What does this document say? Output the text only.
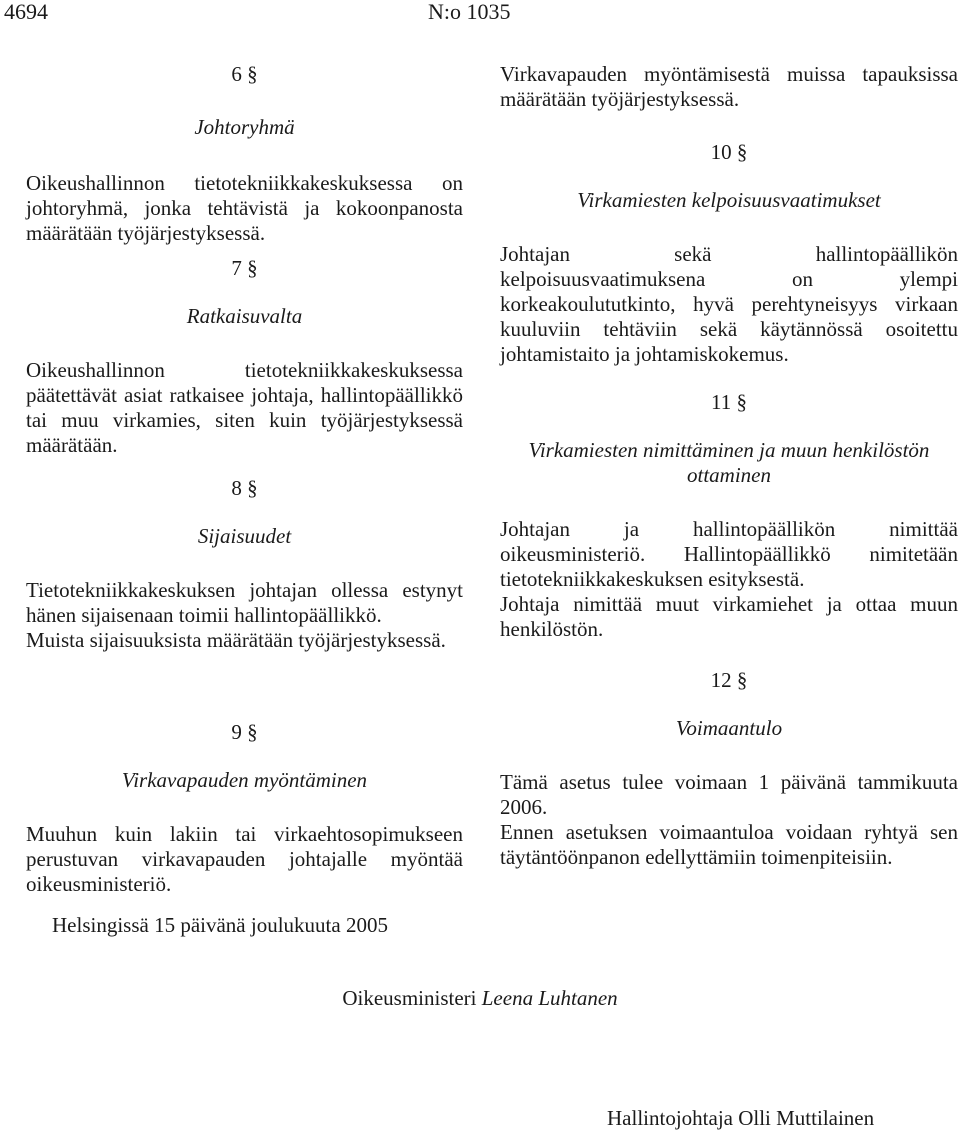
4694	N:o 1035
6 §
Johtoryhmä
Oikeushallinnon tietotekniikkakeskuksessa on johtoryhmä, jonka tehtävistä ja kokoonpanosta määrätään työjärjestyksessä.
7 §
Ratkaisuvalta
Oikeushallinnon tietotekniikkakeskuksessa päätettävät asiat ratkaisee johtaja, hallintopäällikkö tai muu virkamies, siten kuin työjärjestyksessä määrätään.
8 §
Sijaisuudet
Tietotekniikkakeskuksen johtajan ollessa estynyt hänen sijaisenaan toimii hallintopäällikkö.
Muista sijaisuuksista määrätään työjärjestyksessä.
9 §
Virkavapauden myöntäminen
Muuhun kuin lakiin tai virkaehtosopimukseen perustuvan virkavapauden johtajalle myöntää oikeusministeriö.
Virkavapauden myöntämisestä muissa tapauksissa määrätään työjärjestyksessä.
10 §
Virkamiesten kelpoisuusvaatimukset
Johtajan sekä hallintopäällikön kelpoisuusvaatimuksena on ylempi korkeakoulututkinto, hyvä perehtyneisyys virkaan kuuluviin tehtäviin sekä käytännössä osoitettu johtamistaito ja johtamiskokemus.
11 §
Virkamiesten nimittäminen ja muun henkilöstön ottaminen
Johtajan ja hallintopäällikön nimittää oikeusministeriö. Hallintopäällikkö nimitetään tietotekniikkakeskuksen esityksestä.
Johtaja nimittää muut virkamiehet ja ottaa muun henkilöstön.
12 §
Voimaantulo
Tämä asetus tulee voimaan 1 päivänä tammikuuta 2006.
Ennen asetuksen voimaantuloa voidaan ryhtyä sen täytäntöönpanon edellyttämiin toimenpiteisiin.
Helsingissä 15 päivänä joulukuuta 2005
Oikeusministeri Leena Luhtanen
Hallintojohtaja Olli Muttilainen
